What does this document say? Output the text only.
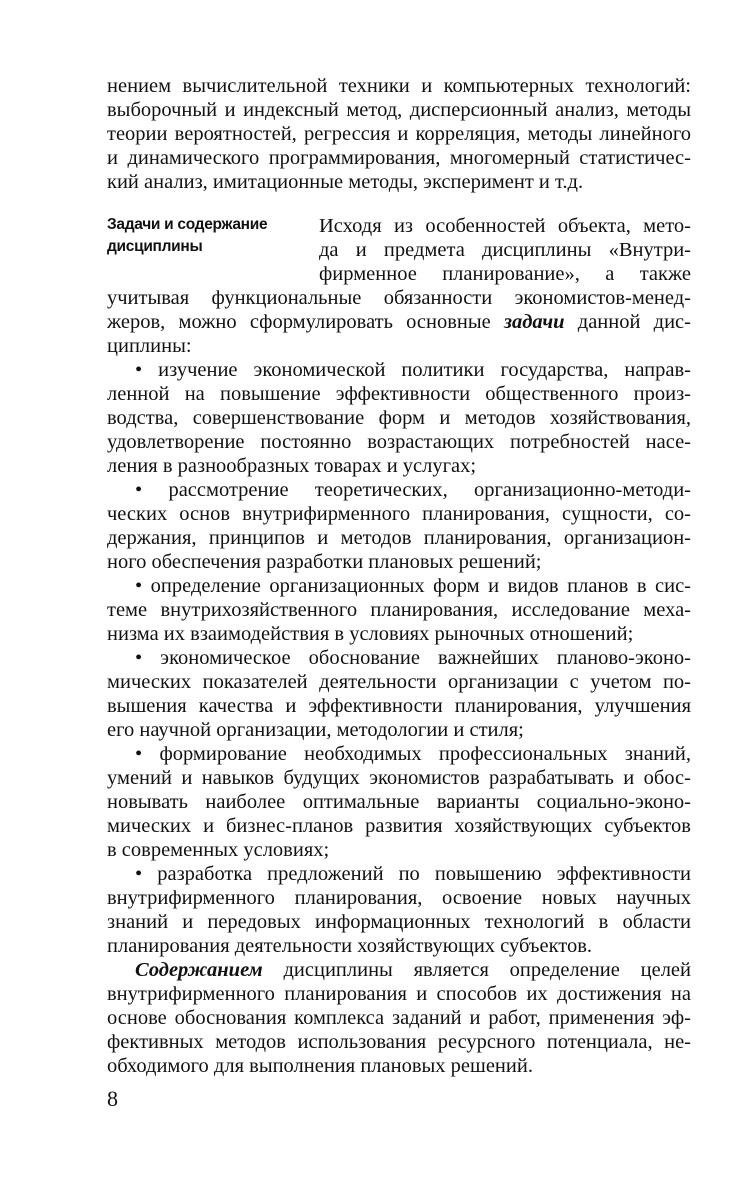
нением вычислительной техники и компьютерных технологий:
выборочный и индексный метод, дисперсионный анализ, методы
теории вероятностей, регрессия и корреляция, методы линейного
и динамического программирования, многомерный статистичес-
кий анализ, имитационные методы, эксперимент и т.д.
Задачи и содержание
дисциплины
Исходя из особенностей объекта, мето-
да и предмета дисциплины «Внутри-
фирменное планирование», а также
учитывая функциональные обязанности экономистов-менед-
жеров, можно сформулировать основные задачи данной дис-
циплины:
• изучение экономической политики государства, направ-
ленной на повышение эффективности общественного произ-
водства, совершенствование форм и методов хозяйствования,
удовлетворение постоянно возрастающих потребностей насе-
ления в разнообразных товарах и услугах;
• рассмотрение теоретических, организационно-методи-
ческих основ внутрифирменного планирования, сущности, со-
держания, принципов и методов планирования, организацион-
ного обеспечения разработки плановых решений;
• определение организационных форм и видов планов в сис-
теме внутрихозяйственного планирования, исследование меха-
низма их взаимодействия в условиях рыночных отношений;
• экономическое обоснование важнейших планово-эконо-
мических показателей деятельности организации с учетом по-
вышения качества и эффективности планирования, улучшения
его научной организации, методологии и стиля;
• формирование необходимых профессиональных знаний,
умений и навыков будущих экономистов разрабатывать и обос-
новывать наиболее оптимальные варианты социально-эконо-
мических и бизнес-планов развития хозяйствующих субъектов
в современных условиях;
• разработка предложений по повышению эффективности
внутрифирменного планирования, освоение новых научных
знаний и передовых информационных технологий в области
планирования деятельности хозяйствующих субъектов.
Содержанием дисциплины является определение целей
внутрифирменного планирования и способов их достижения на
основе обоснования комплекса заданий и работ, применения эф-
фективных методов использования ресурсного потенциала, не-
обходимого для выполнения плановых решений.
8
